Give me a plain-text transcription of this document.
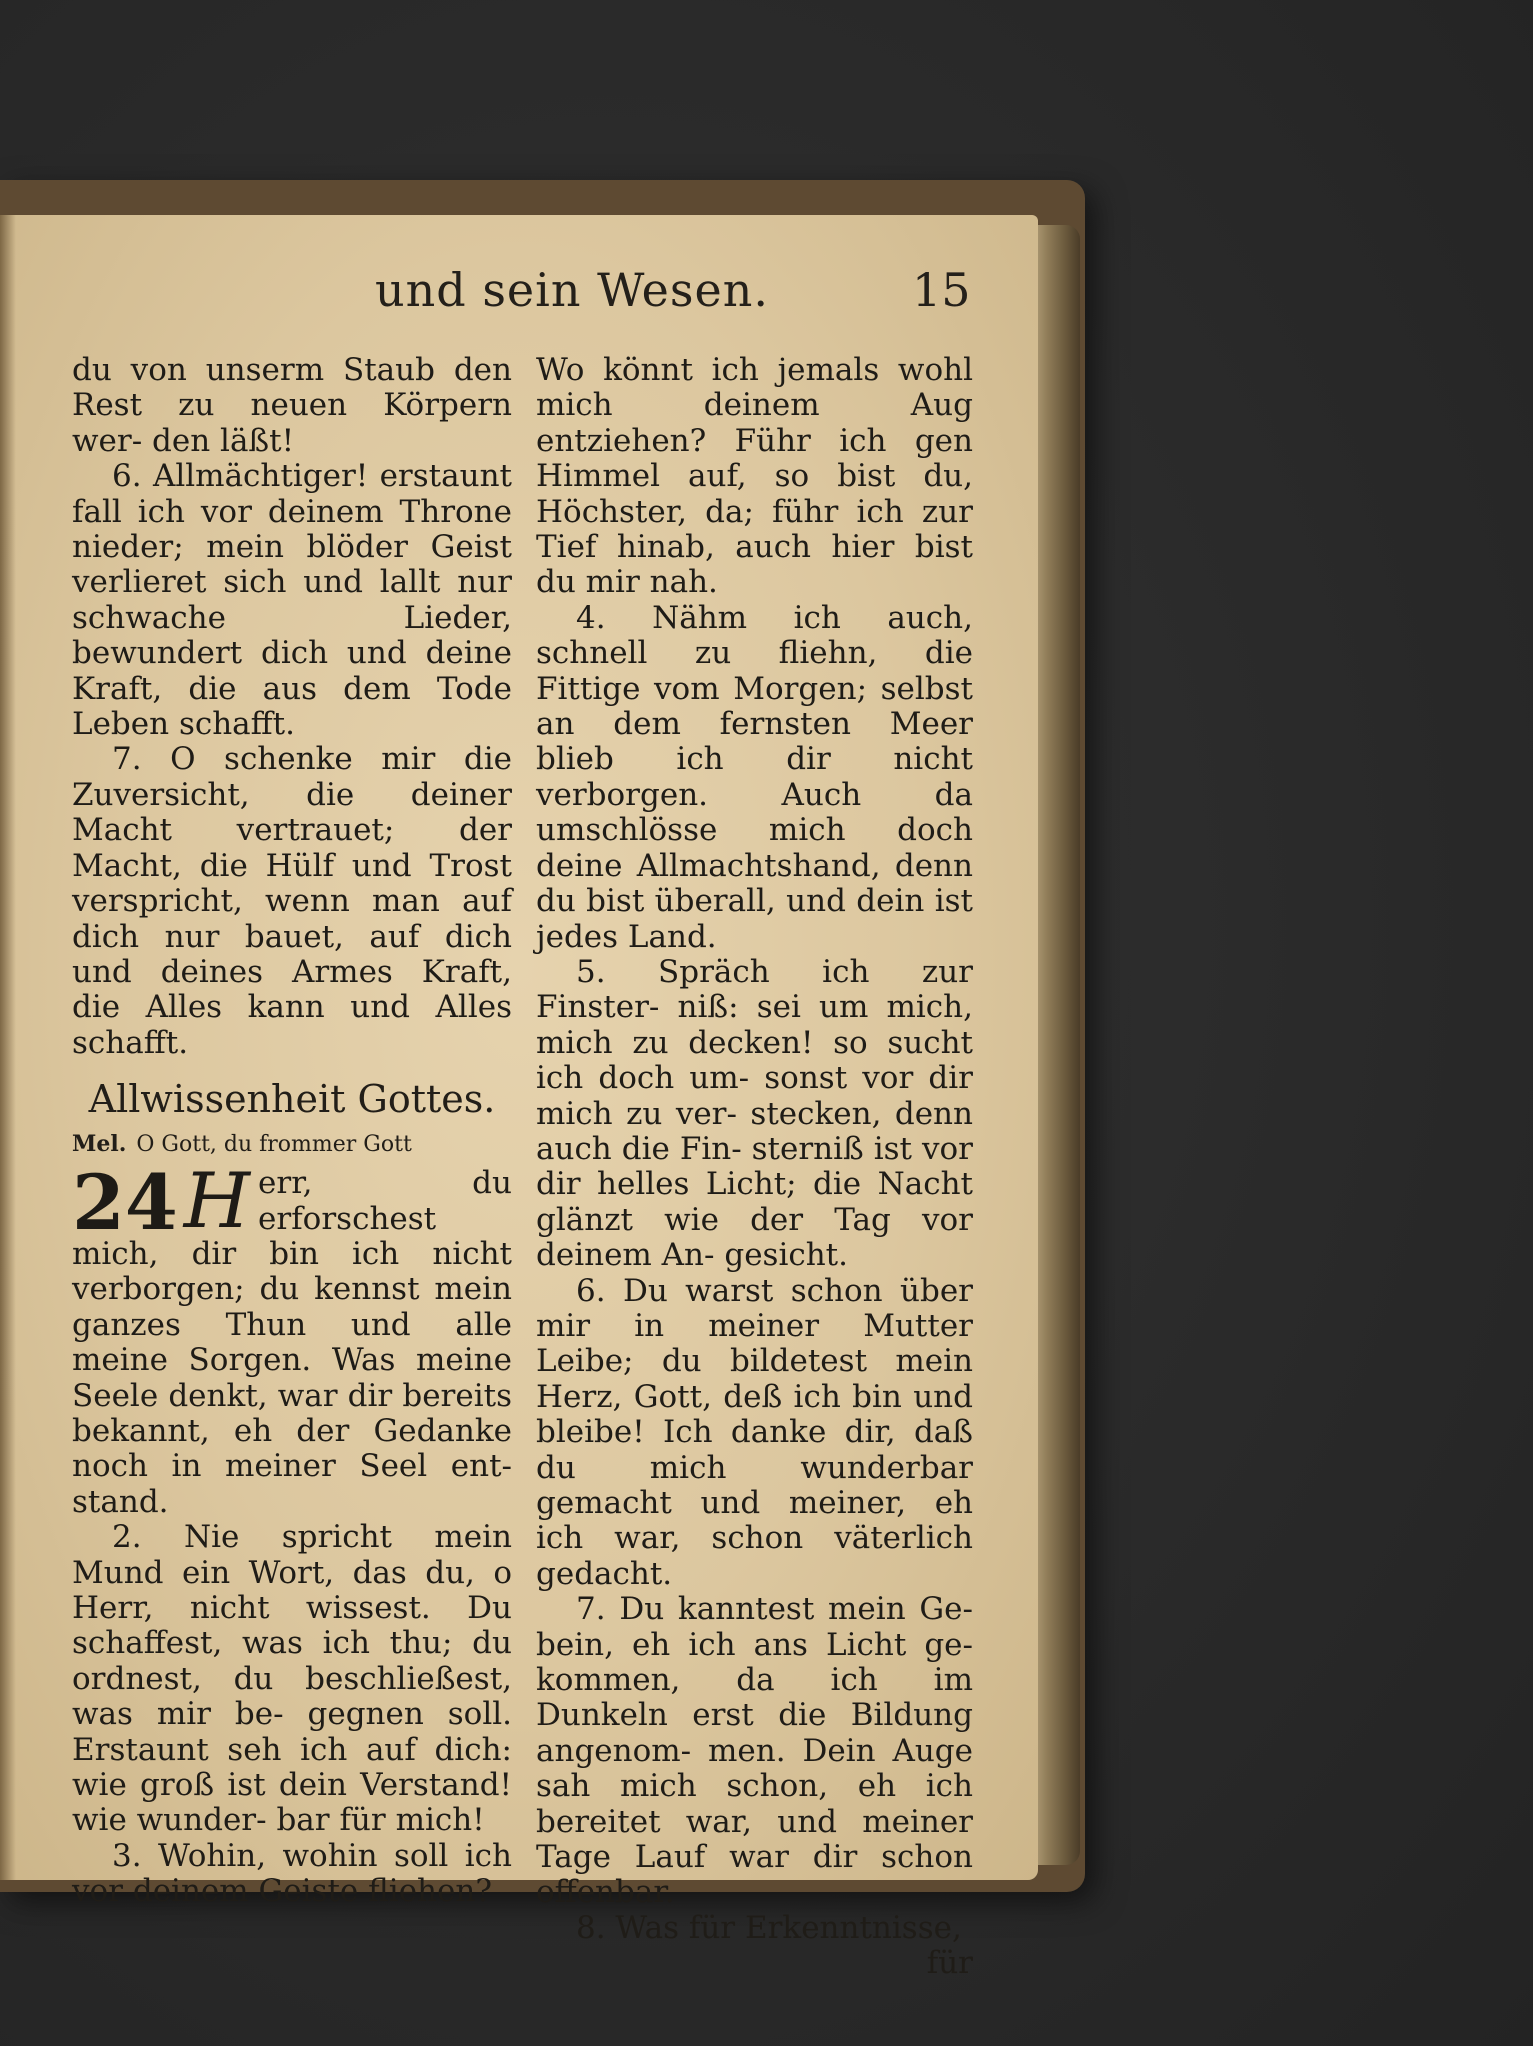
und sein Wesen.	15

du von unserm Staub den Rest zu neuen Körpern wer- den läßt!

6. Allmächtiger! erstaunt fall ich vor deinem Throne nieder; mein blöder Geist verlieret sich und lallt nur schwache Lieder, bewundert dich und deine Kraft, die aus dem Tode Leben schafft.

7. O schenke mir die Zuversicht, die deiner Macht vertrauet; der Macht, die Hülf und Trost verspricht, wenn man auf dich nur bauet, auf dich und deines Armes Kraft, die Alles kann und Alles schafft.

Allwissenheit Gottes.
Mel. O Gott, du frommer Gott

24 H err, du erforschest mich, dir bin ich nicht verborgen; du kennst mein ganzes Thun und alle meine Sorgen. Was meine Seele denkt, war dir bereits bekannt, eh der Gedanke noch in meiner Seel ent- stand.

2. Nie spricht mein Mund ein Wort, das du, o Herr, nicht wissest. Du schaffest, was ich thu; du ordnest, du beschließest, was mir be- gegnen soll. Erstaunt seh ich auf dich: wie groß ist dein Verstand! wie wunder- bar für mich!

3. Wohin, wohin soll ich vor deinem Geiste fliehen?

Wo könnt ich jemals wohl mich deinem Aug entziehen? Führ ich gen Himmel auf, so bist du, Höchster, da; führ ich zur Tief hinab, auch hier bist du mir nah.

4. Nähm ich auch, schnell zu fliehn, die Fittige vom Morgen; selbst an dem fernsten Meer blieb ich dir nicht verborgen. Auch da umschlösse mich doch deine Allmachtshand, denn du bist überall, und dein ist jedes Land.

5. Spräch ich zur Finster- niß: sei um mich, mich zu decken! so sucht ich doch um- sonst vor dir mich zu ver- stecken, denn auch die Fin- sterniß ist vor dir helles Licht; die Nacht glänzt wie der Tag vor deinem An- gesicht.

6. Du warst schon über mir in meiner Mutter Leibe; du bildetest mein Herz, Gott, deß ich bin und bleibe! Ich danke dir, daß du mich wunderbar gemacht und meiner, eh ich war, schon väterlich gedacht.

7. Du kanntest mein Ge- bein, eh ich ans Licht ge- kommen, da ich im Dunkeln erst die Bildung angenom- men. Dein Auge sah mich schon, eh ich bereitet war, und meiner Tage Lauf war dir schon offenbar.

8. Was für Erkenntnisse,

für
